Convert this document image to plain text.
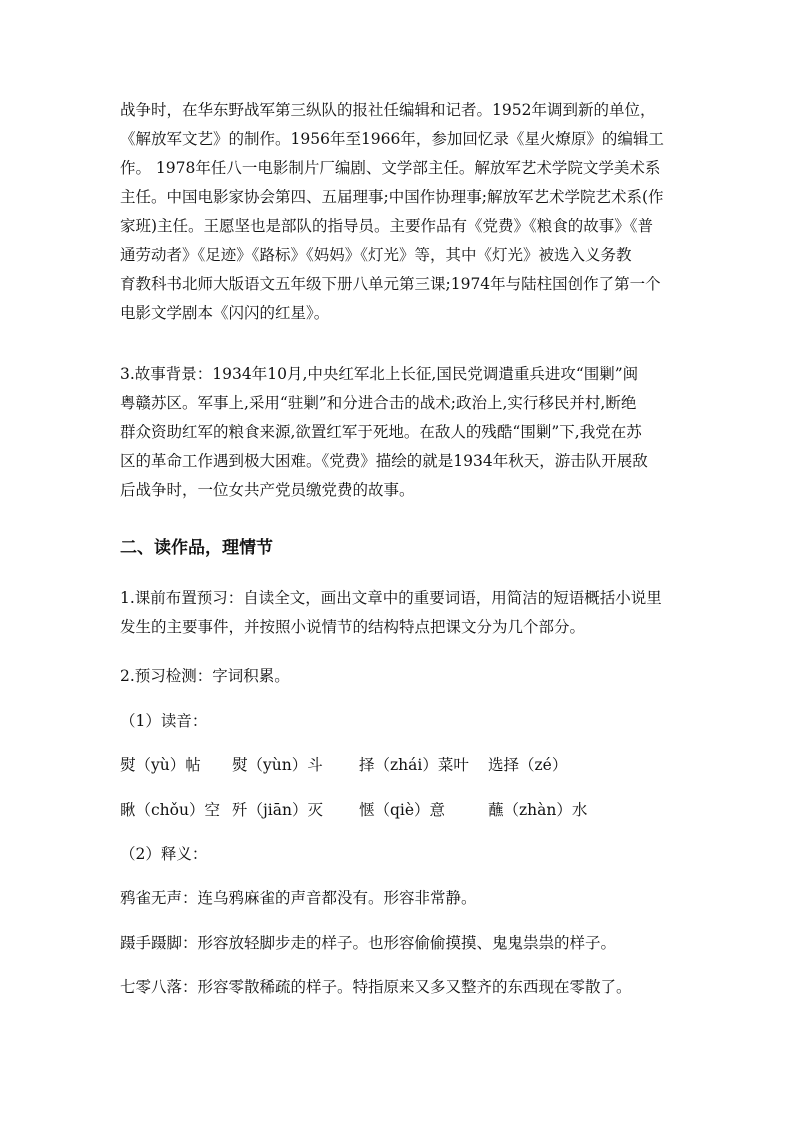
战争时，在华东野战军第三纵队的报社任编辑和记者。1952年调到新的单位，
《解放军文艺》的制作。1956年至1966年，参加回忆录《星火燎原》的编辑工
作。 1978年任八一电影制片厂编剧、文学部主任。解放军艺术学院文学美术系
主任。中国电影家协会第四、五届理事;中国作协理事;解放军艺术学院艺术系(作
家班)主任。王愿坚也是部队的指导员。主要作品有《党费》《粮食的故事》《普
通劳动者》《足迹》《路标》《妈妈》《灯光》等，其中《灯光》被选入义务教
育教科书北师大版语文五年级下册八单元第三课;1974年与陆柱国创作了第一个
电影文学剧本《闪闪的红星》。
3.故事背景：1934年10月,中央红军北上长征,国民党调遣重兵进攻“围剿”闽
粤赣苏区。军事上,采用“驻剿”和分进合击的战术;政治上,实行移民并村,断绝
群众资助红军的粮食来源,欲置红军于死地。在敌人的残酷“围剿”下,我党在苏
区的革命工作遇到极大困难。《党费》描绘的就是1934年秋天，游击队开展敌
后战争时，一位女共产党员缴党费的故事。
二、读作品，理情节
1.课前布置预习：自读全文，画出文章中的重要词语，用简洁的短语概括小说里
发生的主要事件，并按照小说情节的结构特点把课文分为几个部分。
2.预习检测：字词积累。
（1）读音：
熨（yù）帖 熨（yùn）斗 择（zhái）菜叶 选择（zé）
瞅（chǒu）空 歼（jiān）灭 惬（qiè）意	蘸（zhàn）水
（2）释义：
鸦雀无声：连乌鸦麻雀的声音都没有。形容非常静。
蹑手蹑脚：形容放轻脚步走的样子。也形容偷偷摸摸、鬼鬼祟祟的样子。
七零八落：形容零散稀疏的样子。特指原来又多又整齐的东西现在零散了。
